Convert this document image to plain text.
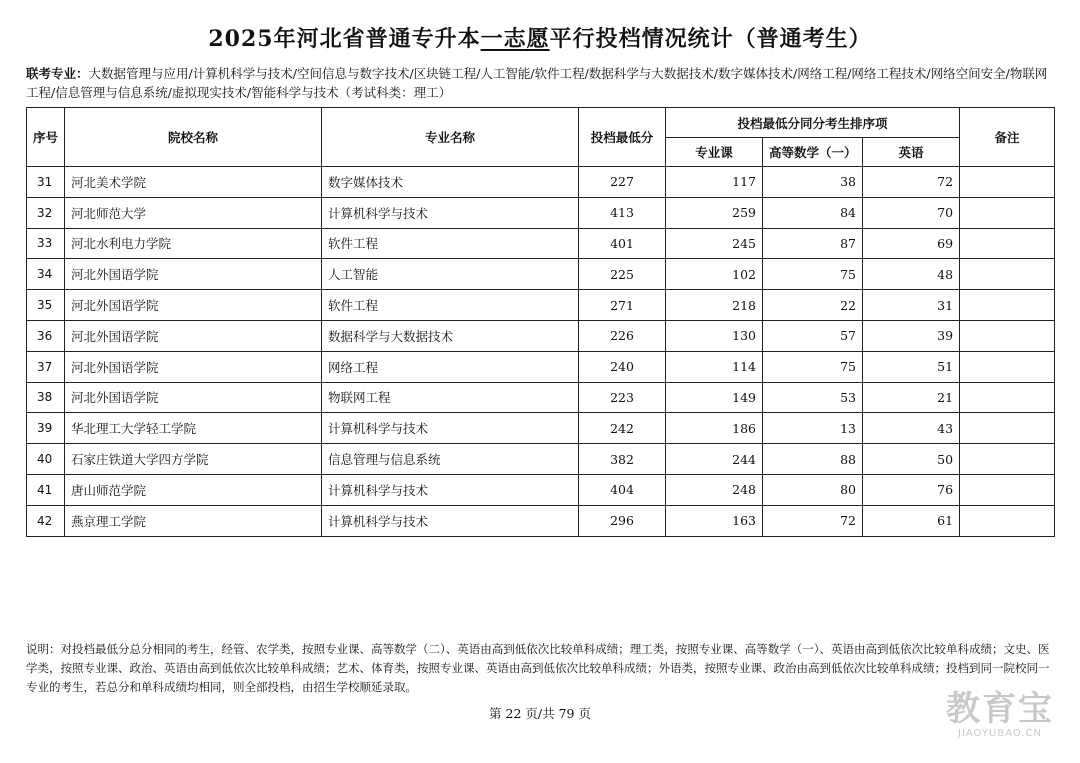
2025年河北省普通专升本一志愿平行投档情况统计（普通考生）
联考专业：大数据管理与应用/计算机科学与技术/空间信息与数字技术/区块链工程/人工智能/软件工程/数据科学与大数据技术/数字媒体技术/网络工程/网络工程技术/网络空间安全/物联网工程/信息管理与信息系统/虚拟现实技术/智能科学与技术（考试科类：理工）
序号	院校名称	专业名称	投档最低分	投档最低分同分考生排序项			备注
				专业课	高等数学（一）	英语	
31	河北美术学院	数字媒体技术	227	117	38	72	
32	河北师范大学	计算机科学与技术	413	259	84	70	
33	河北水利电力学院	软件工程	401	245	87	69	
34	河北外国语学院	人工智能	225	102	75	48	
35	河北外国语学院	软件工程	271	218	22	31	
36	河北外国语学院	数据科学与大数据技术	226	130	57	39	
37	河北外国语学院	网络工程	240	114	75	51	
38	河北外国语学院	物联网工程	223	149	53	21	
39	华北理工大学轻工学院	计算机科学与技术	242	186	13	43	
40	石家庄铁道大学四方学院	信息管理与信息系统	382	244	88	50	
41	唐山师范学院	计算机科学与技术	404	248	80	76	
42	燕京理工学院	计算机科学与技术	296	163	72	61	
说明：对投档最低分总分相同的考生，经管、农学类，按照专业课、高等数学（二）、英语由高到低依次比较单科成绩；理工类，按照专业课、高等数学（一）、英语由高到低依次比较单科成绩；文史、医学类，按照专业课、政治、英语由高到低依次比较单科成绩；艺术、体育类，按照专业课、英语由高到低依次比较单科成绩；外语类，按照专业课、政治由高到低依次比较单科成绩；投档到同一院校同一专业的考生，若总分和单科成绩均相同，则全部投档，由招生学校顺延录取。
第 22 页/共 79 页	教育宝
JIAOYUBAO.CN
